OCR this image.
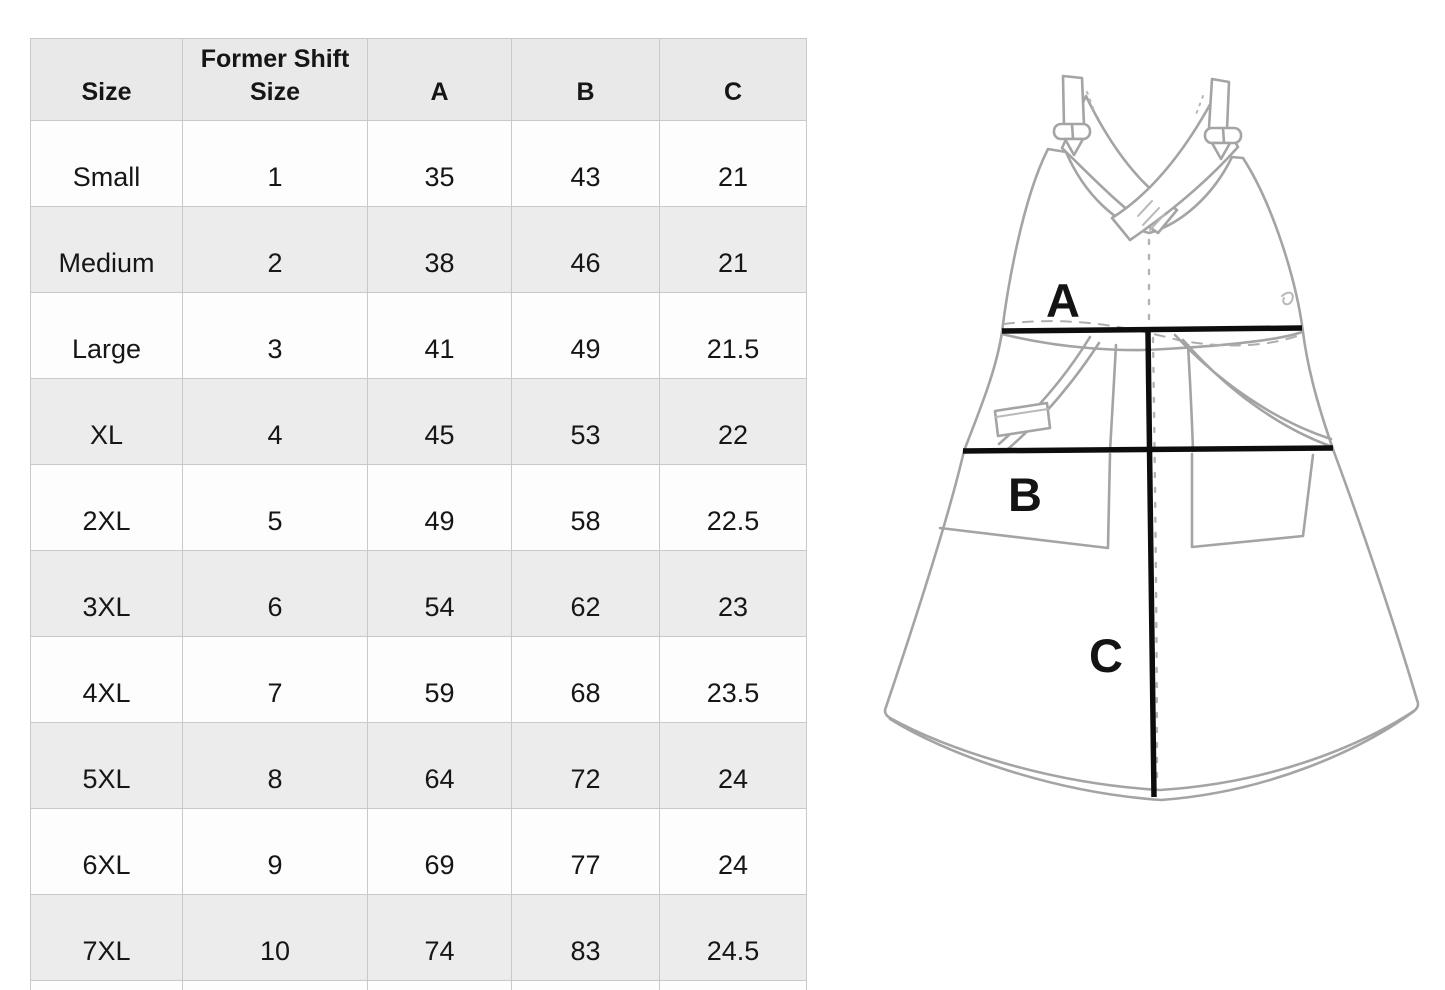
Size	Former Shift Size	A	B	C
Small	1	35	43	21
Medium	2	38	46	21
Large	3	41	49	21.5
XL	4	45	53	22
2XL	5	49	58	22.5
3XL	6	54	62	23
4XL	7	59	68	23.5
5XL	8	64	72	24
6XL	9	69	77	24
7XL	10	74	83	24.5

A
B
C
